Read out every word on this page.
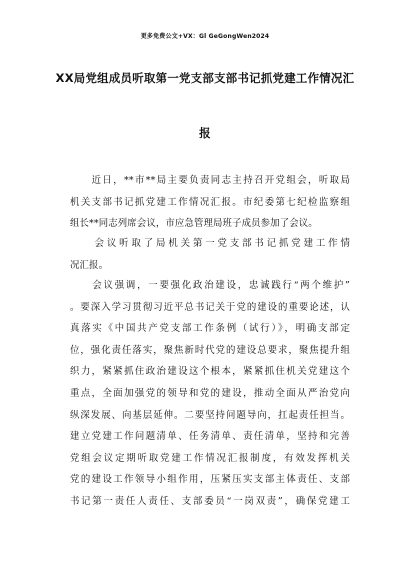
更多免费公文+VX：Gl GeGongWen2024
XX局党组成员听取第一党支部支部书记抓党建工作情况汇
报
　　近日，**市**局主要负责同志主持召开党组会，听取局
机关支部书记抓党建工作情况汇报。市纪委第七纪检监察组
组长**同志列席会议，市应急管理局班子成员参加了会议。
　　会议听取了局机关第一党支部书记抓党建工作情
况汇报。
　　会议强调，一要强化政治建设，忠诚践行“两个维护”
。要深入学习贯彻习近平总书记关于党的建设的重要论述，认
真落实《中国共产党支部工作条例（试行）》，明确支部定
位，强化责任落实，聚焦新时代党的建设总要求，聚焦提升组
织力，紧紧抓住政治建设这个根本，紧紧抓住机关党建这个
重点，全面加强党的领导和党的建设，推动全面从严治党向
纵深发展、向基层延伸。二要坚持问题导向，扛起责任担当。
建立党建工作问题清单、任务清单、责任清单，坚持和完善
党组会议定期听取党建工作情况汇报制度，有效发挥机关
党的建设工作领导小组作用，压紧压实支部主体责任、支部
书记第一责任人责任、支部委员“一岗双责”，确保党建工
